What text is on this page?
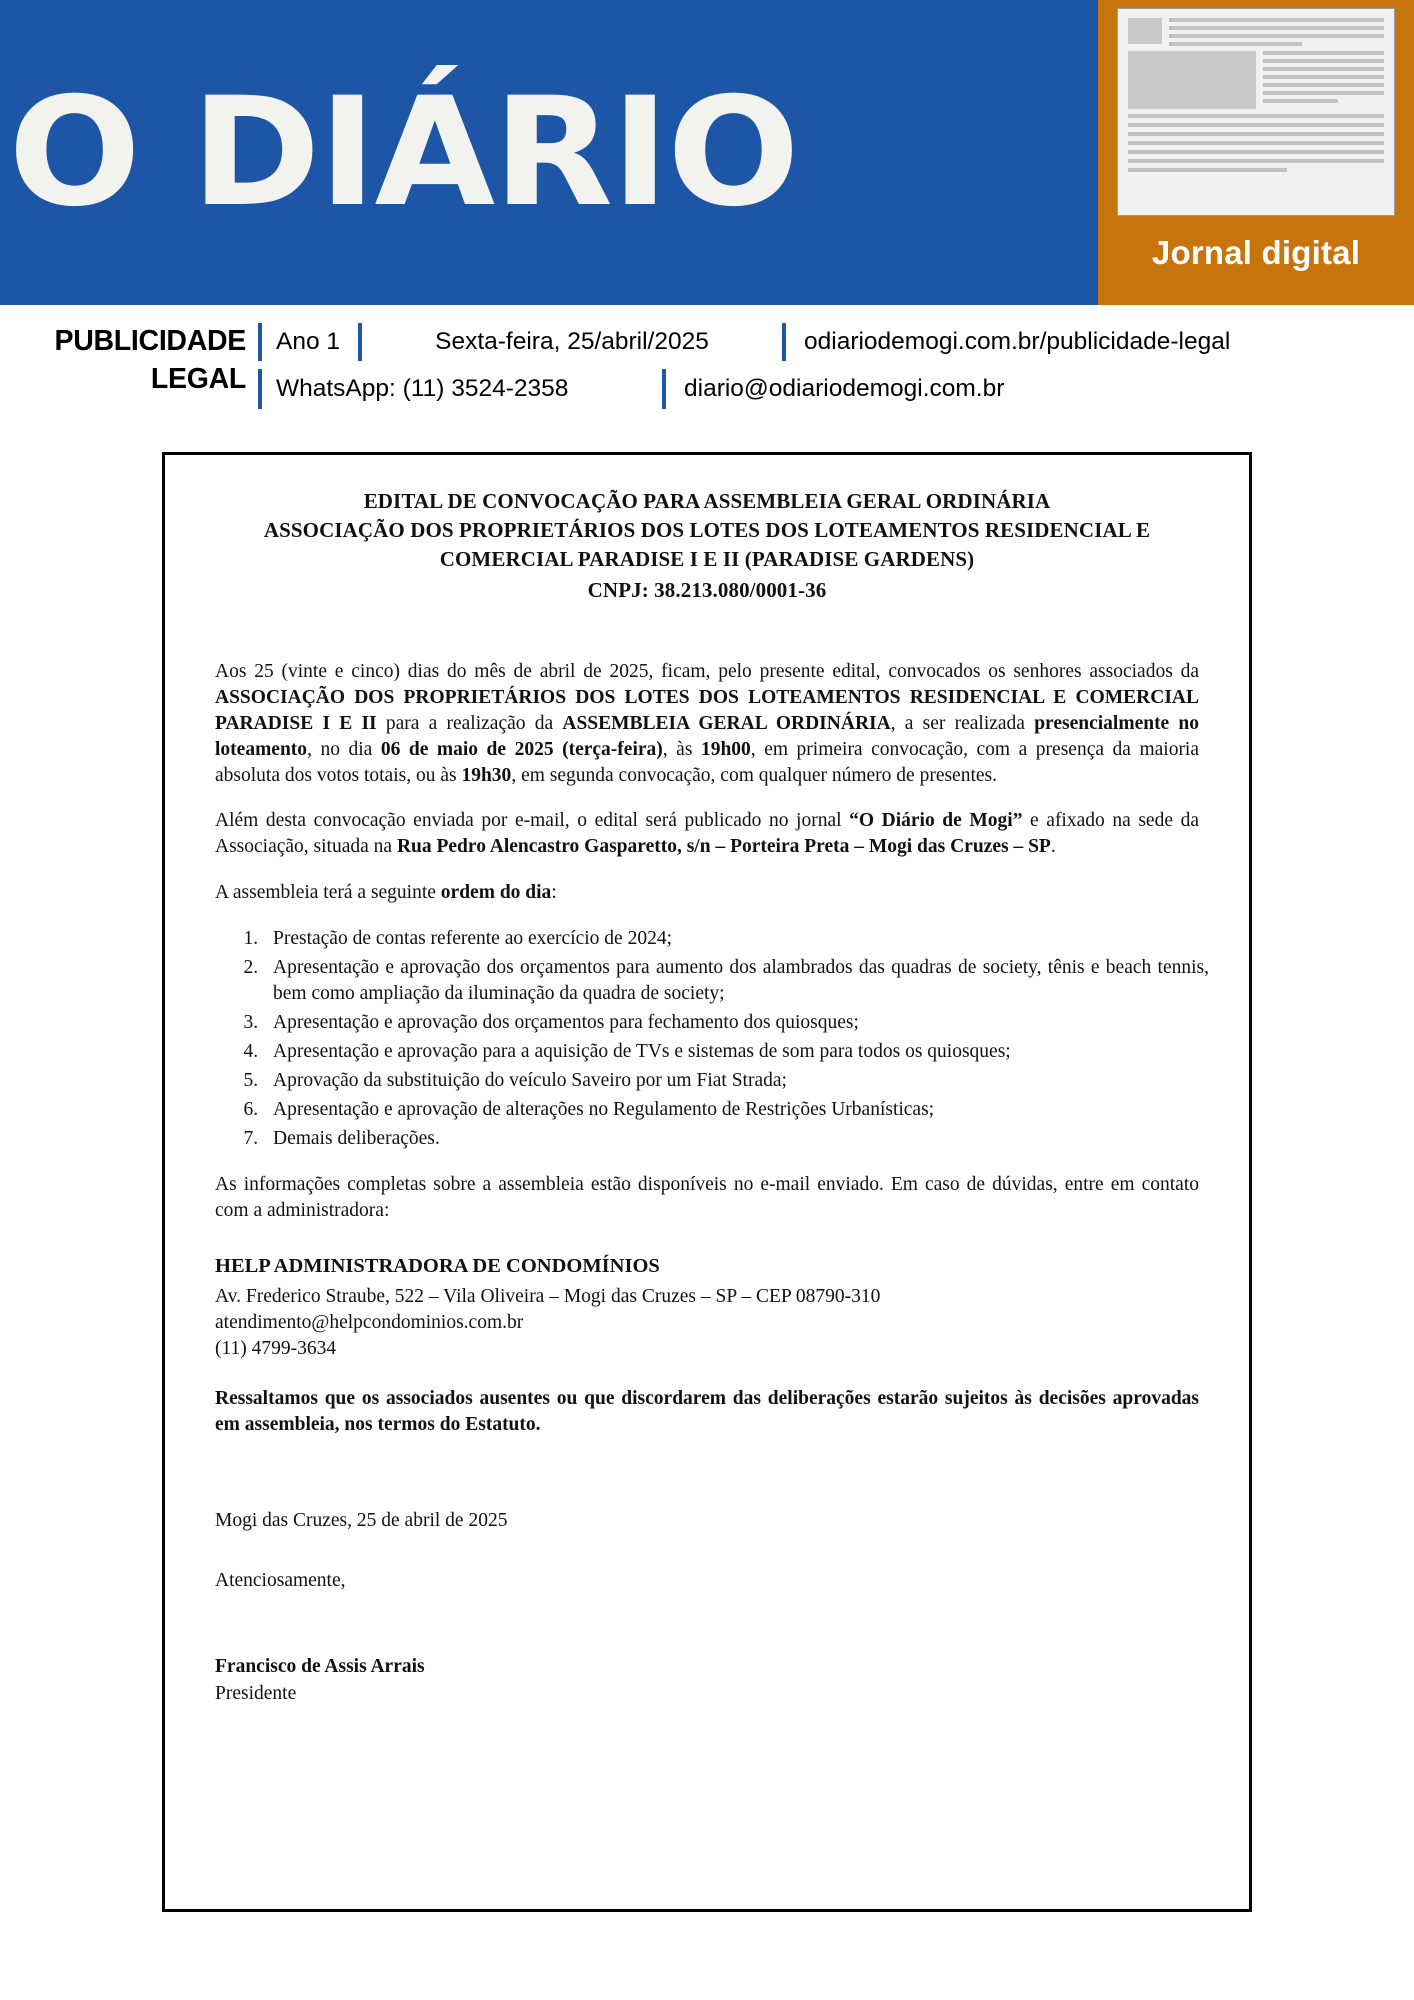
O DIÁRIO
Jornal digital
PUBLICIDADE
LEGAL
Ano 1	Sexta-feira, 25/abril/2025	odiariodemogi.com.br/publicidade-legal
WhatsApp: (11) 3524-2358	diario@odiariodemogi.com.br
EDITAL DE CONVOCAÇÃO PARA ASSEMBLEIA GERAL ORDINÁRIA
ASSOCIAÇÃO DOS PROPRIETÁRIOS DOS LOTES DOS LOTEAMENTOS RESIDENCIAL E
COMERCIAL PARADISE I E II (PARADISE GARDENS)
CNPJ: 38.213.080/0001-36

Aos 25 (vinte e cinco) dias do mês de abril de 2025, ficam, pelo presente edital, convocados os senhores associados da ASSOCIAÇÃO DOS PROPRIETÁRIOS DOS LOTES DOS LOTEAMENTOS RESIDENCIAL E COMERCIAL PARADISE I E II para a realização da ASSEMBLEIA GERAL ORDINÁRIA, a ser realizada presencialmente no loteamento, no dia 06 de maio de 2025 (terça-feira), às 19h00, em primeira convocação, com a presença da maioria absoluta dos votos totais, ou às 19h30, em segunda convocação, com qualquer número de presentes.

Além desta convocação enviada por e-mail, o edital será publicado no jornal “O Diário de Mogi” e afixado na sede da Associação, situada na Rua Pedro Alencastro Gasparetto, s/n – Porteira Preta – Mogi das Cruzes – SP.

A assembleia terá a seguinte ordem do dia:

1. Prestação de contas referente ao exercício de 2024;
2. Apresentação e aprovação dos orçamentos para aumento dos alambrados das quadras de society, tênis e beach tennis, bem como ampliação da iluminação da quadra de society;
3. Apresentação e aprovação dos orçamentos para fechamento dos quiosques;
4. Apresentação e aprovação para a aquisição de TVs e sistemas de som para todos os quiosques;
5. Aprovação da substituição do veículo Saveiro por um Fiat Strada;
6. Apresentação e aprovação de alterações no Regulamento de Restrições Urbanísticas;
7. Demais deliberações.

As informações completas sobre a assembleia estão disponíveis no e-mail enviado. Em caso de dúvidas, entre em contato com a administradora:

HELP ADMINISTRADORA DE CONDOMÍNIOS
Av. Frederico Straube, 522 – Vila Oliveira – Mogi das Cruzes – SP – CEP 08790-310
atendimento@helpcondominios.com.br
(11) 4799-3634
Ressaltamos que os associados ausentes ou que discordarem das deliberações estarão sujeitos às decisões aprovadas em assembleia, nos termos do Estatuto.
Mogi das Cruzes, 25 de abril de 2025
Atenciosamente,
Francisco de Assis Arrais
Presidente
